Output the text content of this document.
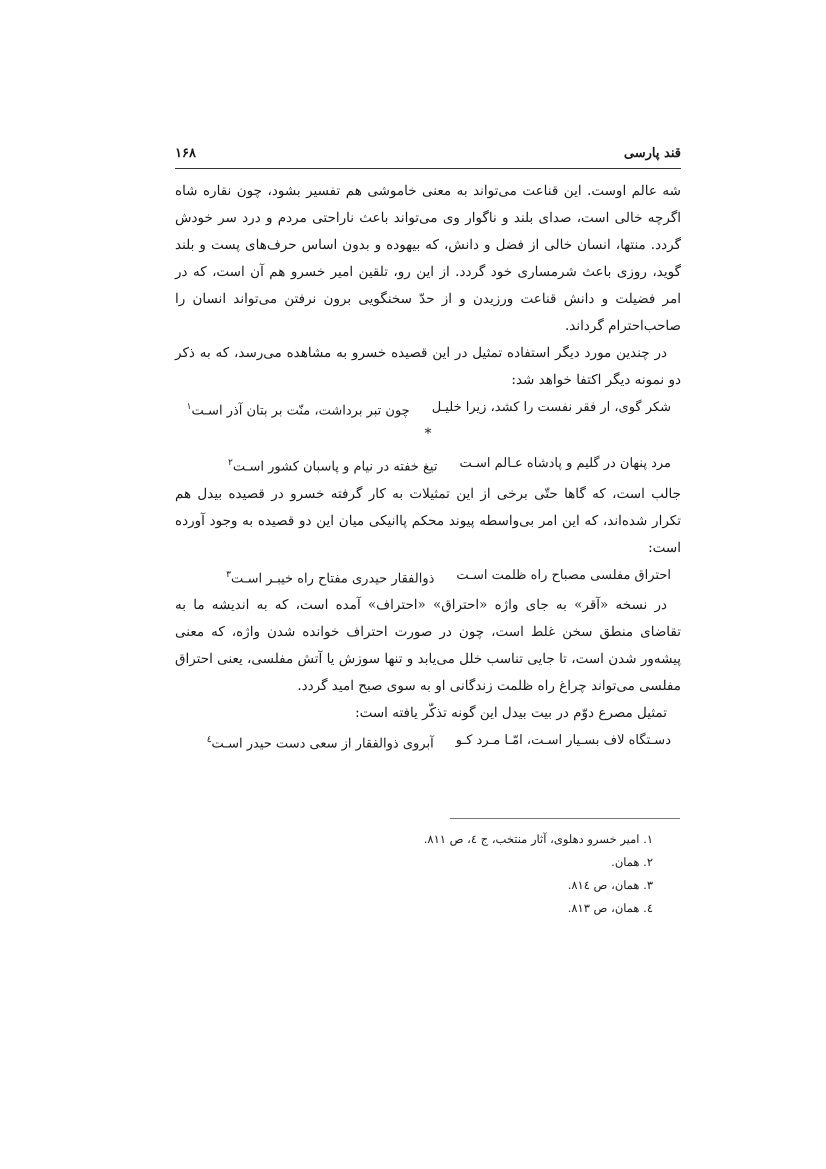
قند پارسی
۱۶۸

شه عالم اوست. این قناعت می‌تواند به معنی خاموشی هم تفسیر بشود، چون نقاره شاه اگرچه خالی است، صدای بلند و ناگوار وی می‌تواند باعث ناراحتی مردم و درد سر خودش گردد. منتها، انسان خالی از فضل و دانش، که بیهوده و بدون اساس حرف‌های پست و بلند گوید، روزی باعث شرمساری خود گردد. از این رو، تلقین امیر خسرو هم آن است، که در امر فضیلت و دانش قناعت ورزیدن و از حدّ سخنگویی برون نرفتن می‌تواند انسان را صاحب‌احترام گرداند.

در چندین مورد دیگر استفاده تمثیل در این قصیده خسرو به مشاهده می‌رسد، که به ذکر دو نمونه دیگر اکتفا خواهد شد:

شکر گوی، ار فقر نفست را کشد، زیرا خلیـل
چون تبر برداشت، منّت بر بتان آذر اسـت$^۱$

*

مرد پنهان در گلیم و پادشاه عـالم اسـت
تیغ خفته در نیام و پاسبان کشور اسـت$^۲$

جالب است، که گاها حتّی برخی از این تمثیلات به کار گرفته خسرو در قصیده بیدل هم تکرار شده‌اند، که این امر بی‌واسطه پیوند محکم پاانیکی میان این دو قصیده به وجود آورده است:

احتراق مفلسی مصباح راه ظلمت اسـت
ذوالفقار حیدری مفتاح راه خیبـر اسـت$^۳$

در نسخه «آقر» به جای واژه «احتراق» «احتراف» آمده است، که به اندیشه ما به تقاضای منطق سخن غلط است، چون در صورت احتراف خوانده شدن واژه، که معنی پیشه‌ور شدن است، تا جایی تناسب خلل می‌یابد و تنها سوزش یا آتش مفلسی، یعنی احتراق مفلسی می‌تواند چراغ راه ظلمت زندگانی او به سوی صبح امید گردد.

تمثیل مصرع دوّم در بیت بیدل این گونه تذکّر یافته است:

دسـتگاه لاف بسـیار اسـت، امّـا مـرد کـو
آبروی ذوالفقار از سعی دست حیدر اسـت$^٤$

۱. امیر خسرو دهلوی، آثار منتخب، ج ٤، ص ۸۱۱.

۲. همان.

۳. همان، ص ۸۱٤.

٤. همان، ص ۸۱۳.
